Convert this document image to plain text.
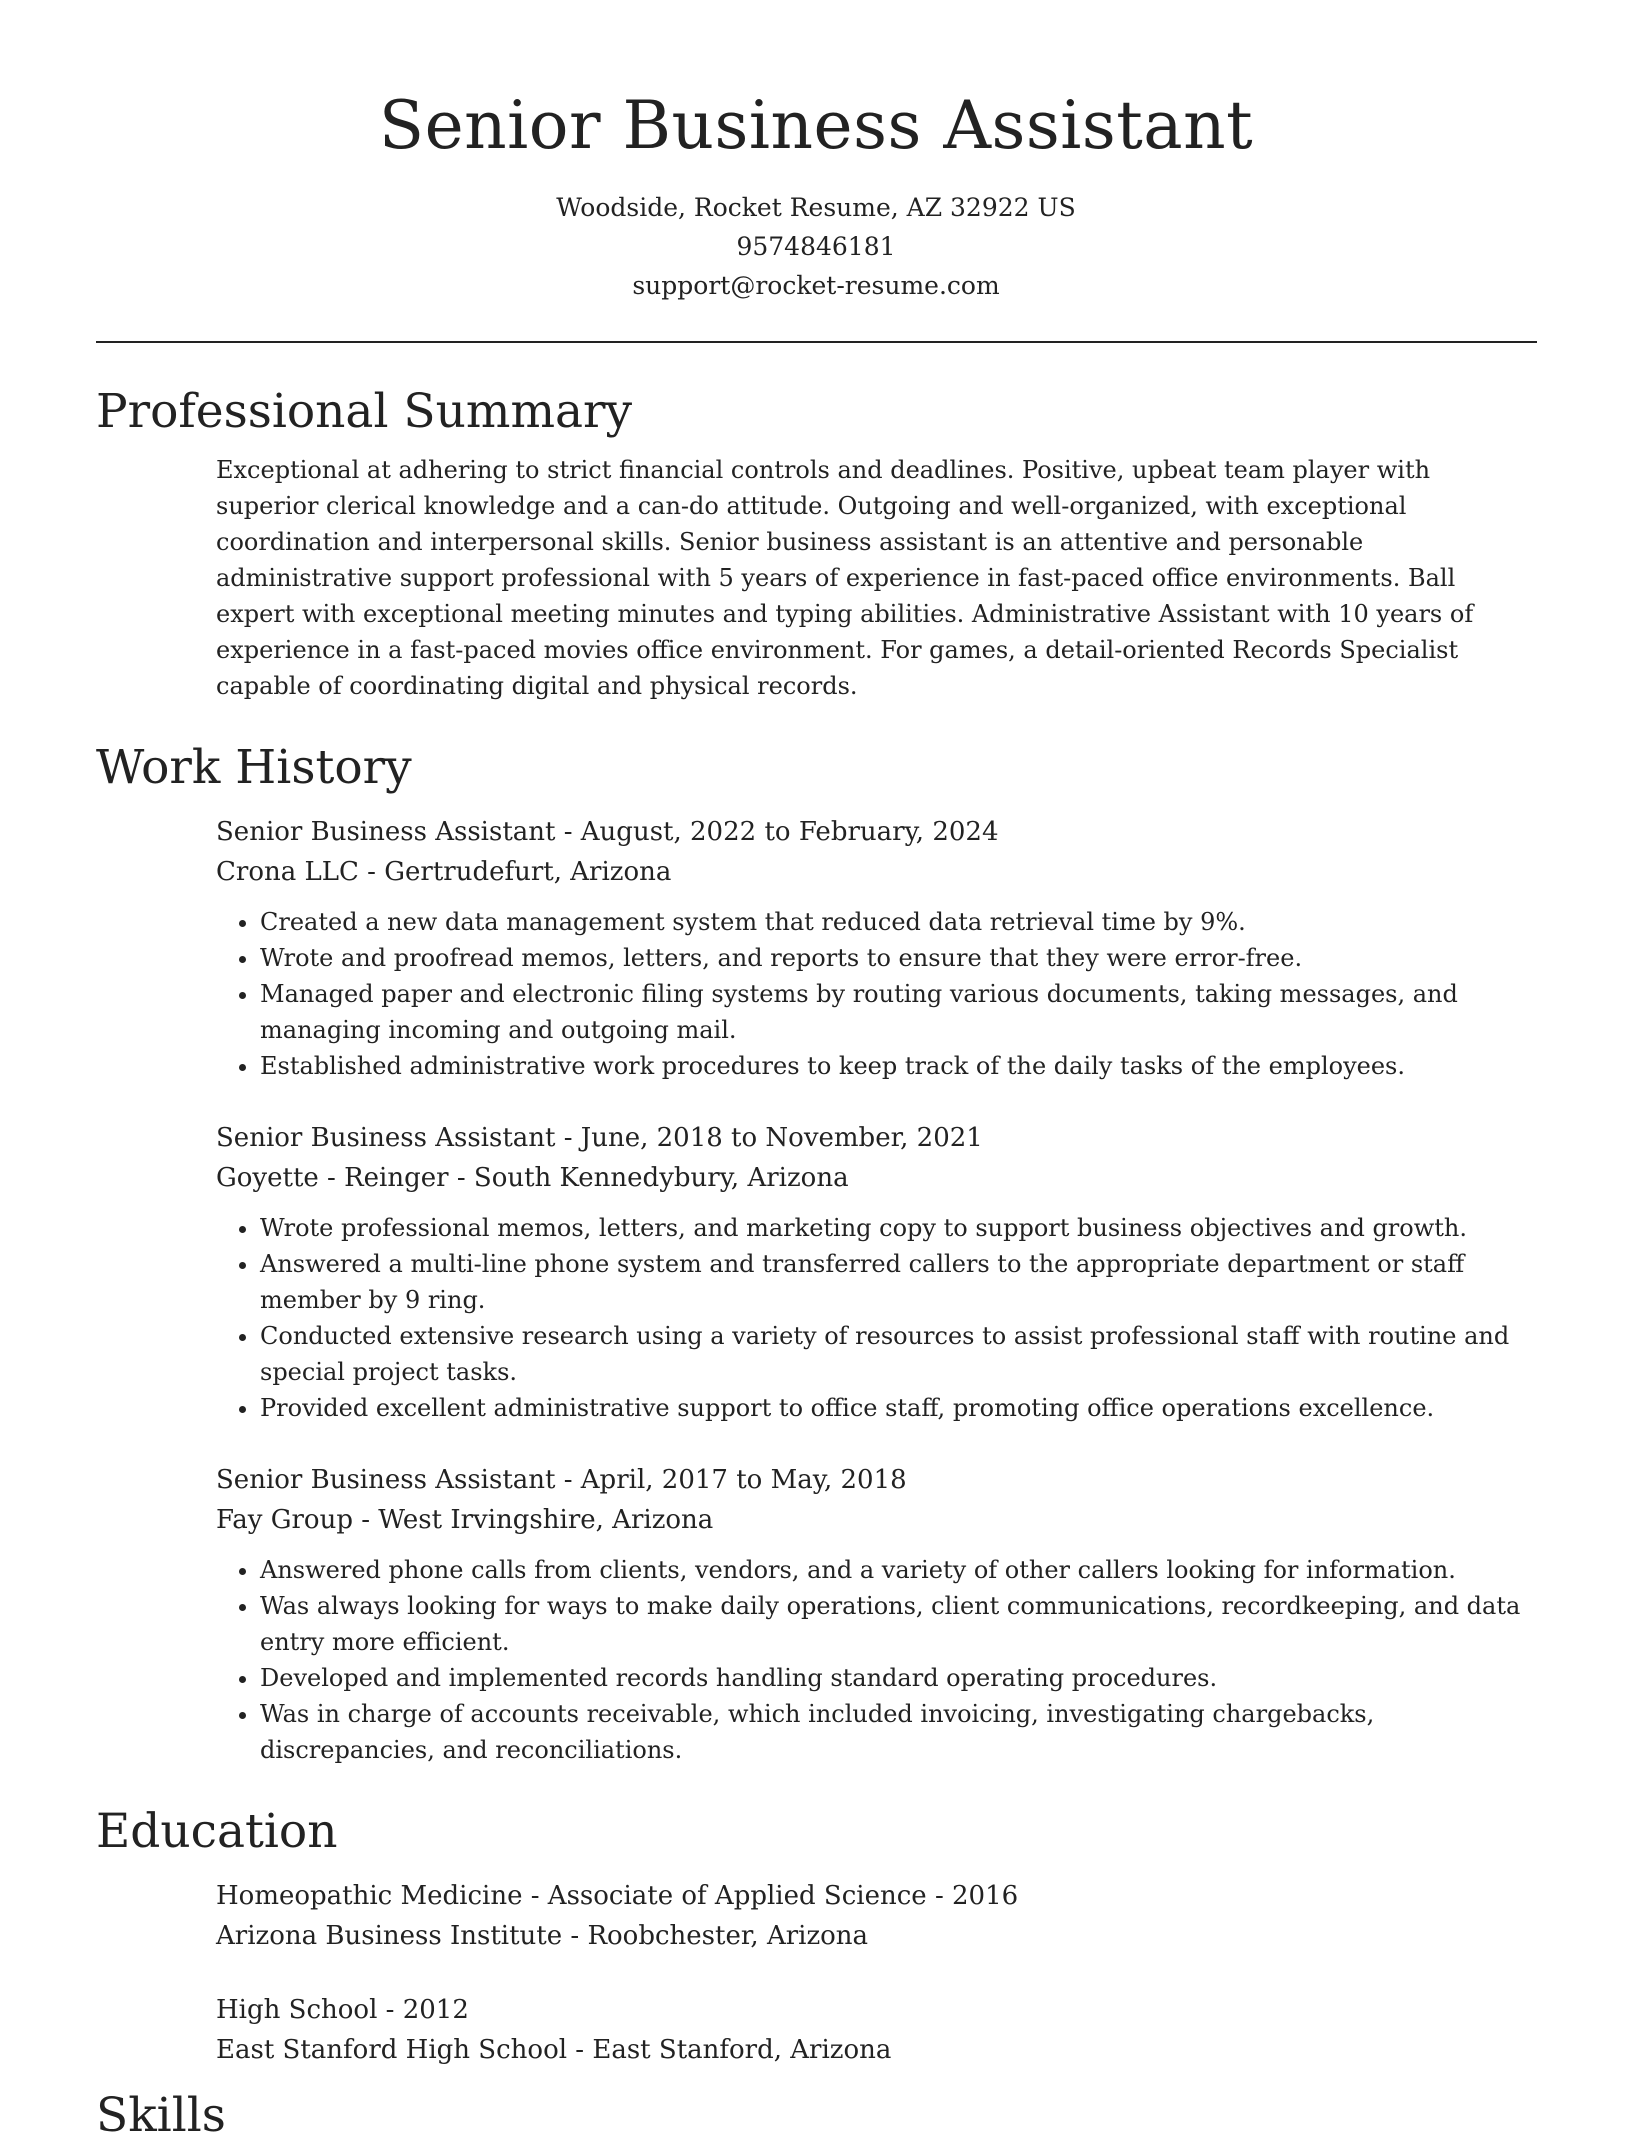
Senior Business Assistant
Woodside, Rocket Resume, AZ 32922 US
9574846181
support@rocket-resume.com
Professional Summary
Exceptional at adhering to strict financial controls and deadlines. Positive, upbeat team player with superior clerical knowledge and a can-do attitude. Outgoing and well-organized, with exceptional coordination and interpersonal skills. Senior business assistant is an attentive and personable administrative support professional with 5 years of experience in fast-paced office environments. Ball expert with exceptional meeting minutes and typing abilities. Administrative Assistant with 10 years of experience in a fast-paced movies office environment. For games, a detail-oriented Records Specialist capable of coordinating digital and physical records.
Work History
Senior Business Assistant - August, 2022 to February, 2024
Crona LLC - Gertrudefurt, Arizona
• Created a new data management system that reduced data retrieval time by 9%.
• Wrote and proofread memos, letters, and reports to ensure that they were error-free.
• Managed paper and electronic filing systems by routing various documents, taking messages, and managing incoming and outgoing mail.
• Established administrative work procedures to keep track of the daily tasks of the employees.
Senior Business Assistant - June, 2018 to November, 2021
Goyette - Reinger - South Kennedybury, Arizona
• Wrote professional memos, letters, and marketing copy to support business objectives and growth.
• Answered a multi-line phone system and transferred callers to the appropriate department or staff member by 9 ring.
• Conducted extensive research using a variety of resources to assist professional staff with routine and special project tasks.
• Provided excellent administrative support to office staff, promoting office operations excellence.
Senior Business Assistant - April, 2017 to May, 2018
Fay Group - West Irvingshire, Arizona
• Answered phone calls from clients, vendors, and a variety of other callers looking for information.
• Was always looking for ways to make daily operations, client communications, recordkeeping, and data entry more efficient.
• Developed and implemented records handling standard operating procedures.
• Was in charge of accounts receivable, which included invoicing, investigating chargebacks, discrepancies, and reconciliations.
Education
Homeopathic Medicine - Associate of Applied Science - 2016
Arizona Business Institute - Roobchester, Arizona
High School - 2012
East Stanford High School - East Stanford, Arizona
Skills
